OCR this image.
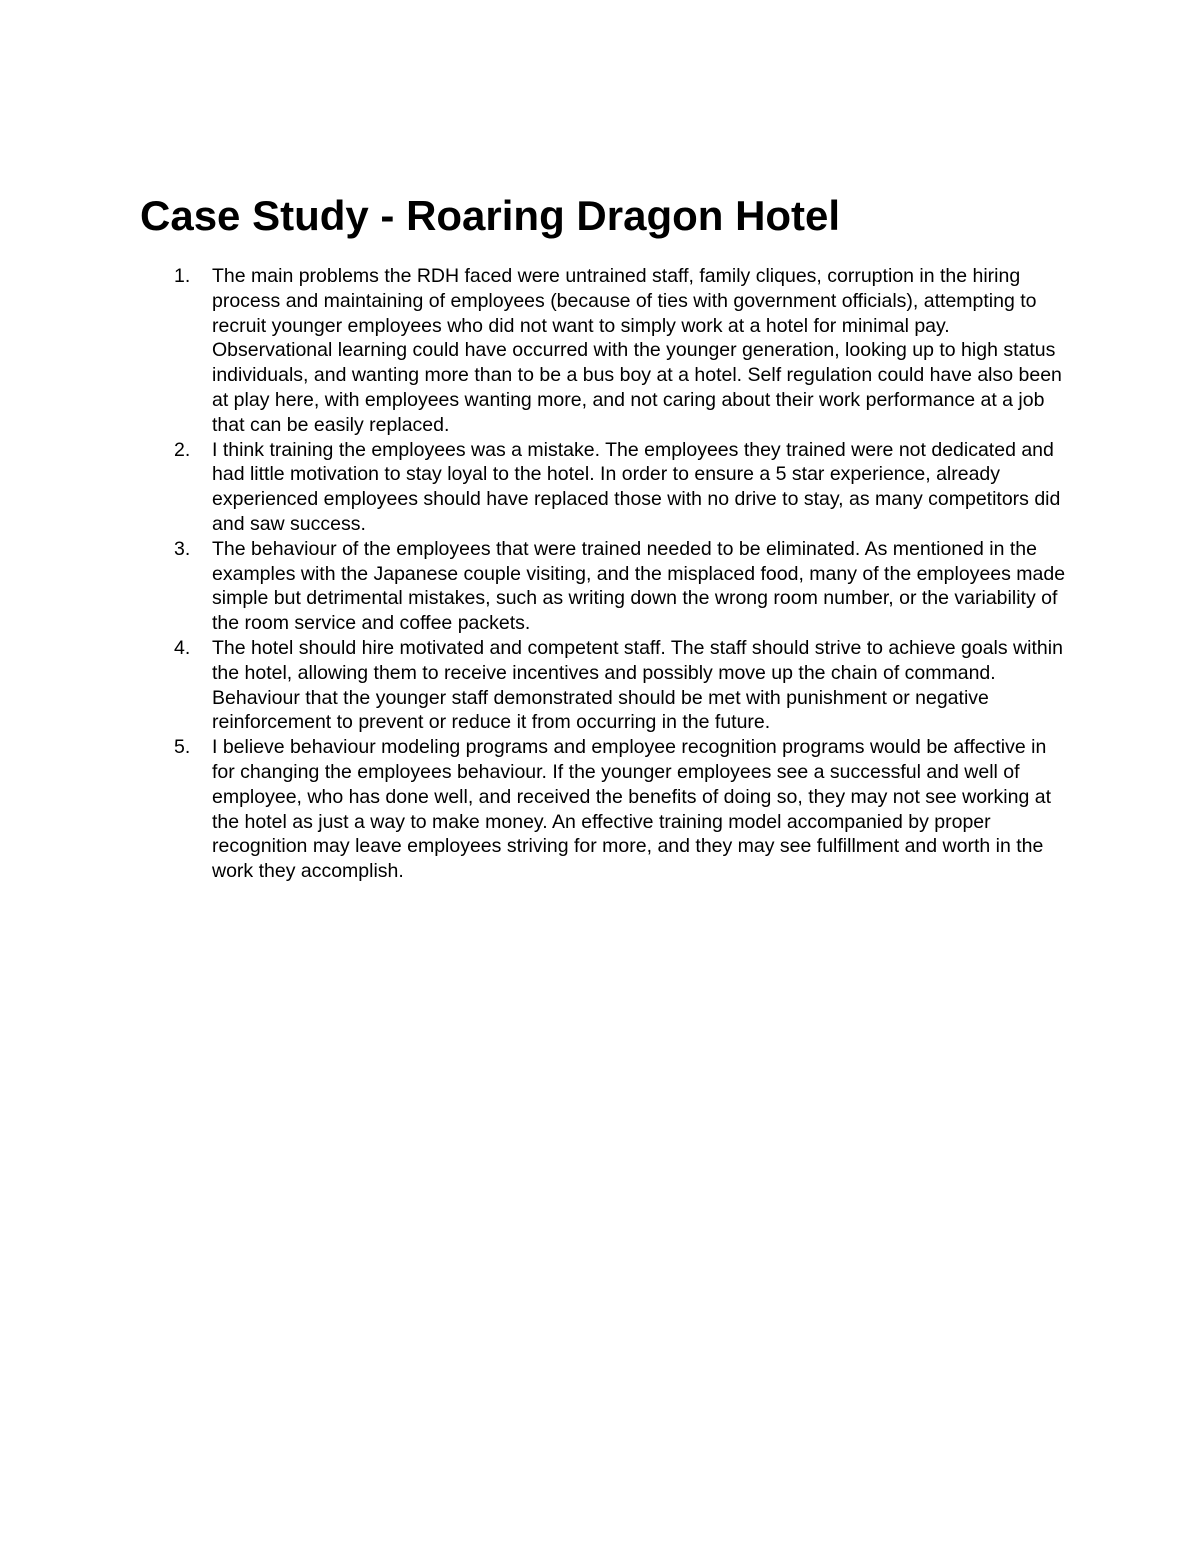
Case Study - Roaring Dragon Hotel
1.	The main problems the RDH faced were untrained staff, family cliques, corruption in the hiring process and maintaining of employees (because of ties with government officials), attempting to recruit younger employees who did not want to simply work at a hotel for minimal pay. Observational learning could have occurred with the younger generation, looking up to high status individuals, and wanting more than to be a bus boy at a hotel. Self regulation could have also been at play here, with employees wanting more, and not caring about their work performance at a job that can be easily replaced.
2.	I think training the employees was a mistake. The employees they trained were not dedicated and had little motivation to stay loyal to the hotel. In order to ensure a 5 star experience, already experienced employees should have replaced those with no drive to stay, as many competitors did and saw success.
3.	The behaviour of the employees that were trained needed to be eliminated. As mentioned in the examples with the Japanese couple visiting, and the misplaced food, many of the employees made simple but detrimental mistakes, such as writing down the wrong room number, or the variability of the room service and coffee packets.
4.	The hotel should hire motivated and competent staff. The staff should strive to achieve goals within the hotel, allowing them to receive incentives and possibly move up the chain of command. Behaviour that the younger staff demonstrated should be met with punishment or negative reinforcement to prevent or reduce it from occurring in the future.
5.	I believe behaviour modeling programs and employee recognition programs would be affective in for changing the employees behaviour. If the younger employees see a successful and well of employee, who has done well, and received the benefits of doing so, they may not see working at the hotel as just a way to make money. An effective training model accompanied by proper recognition may leave employees striving for more, and they may see fulfillment and worth in the work they accomplish.
